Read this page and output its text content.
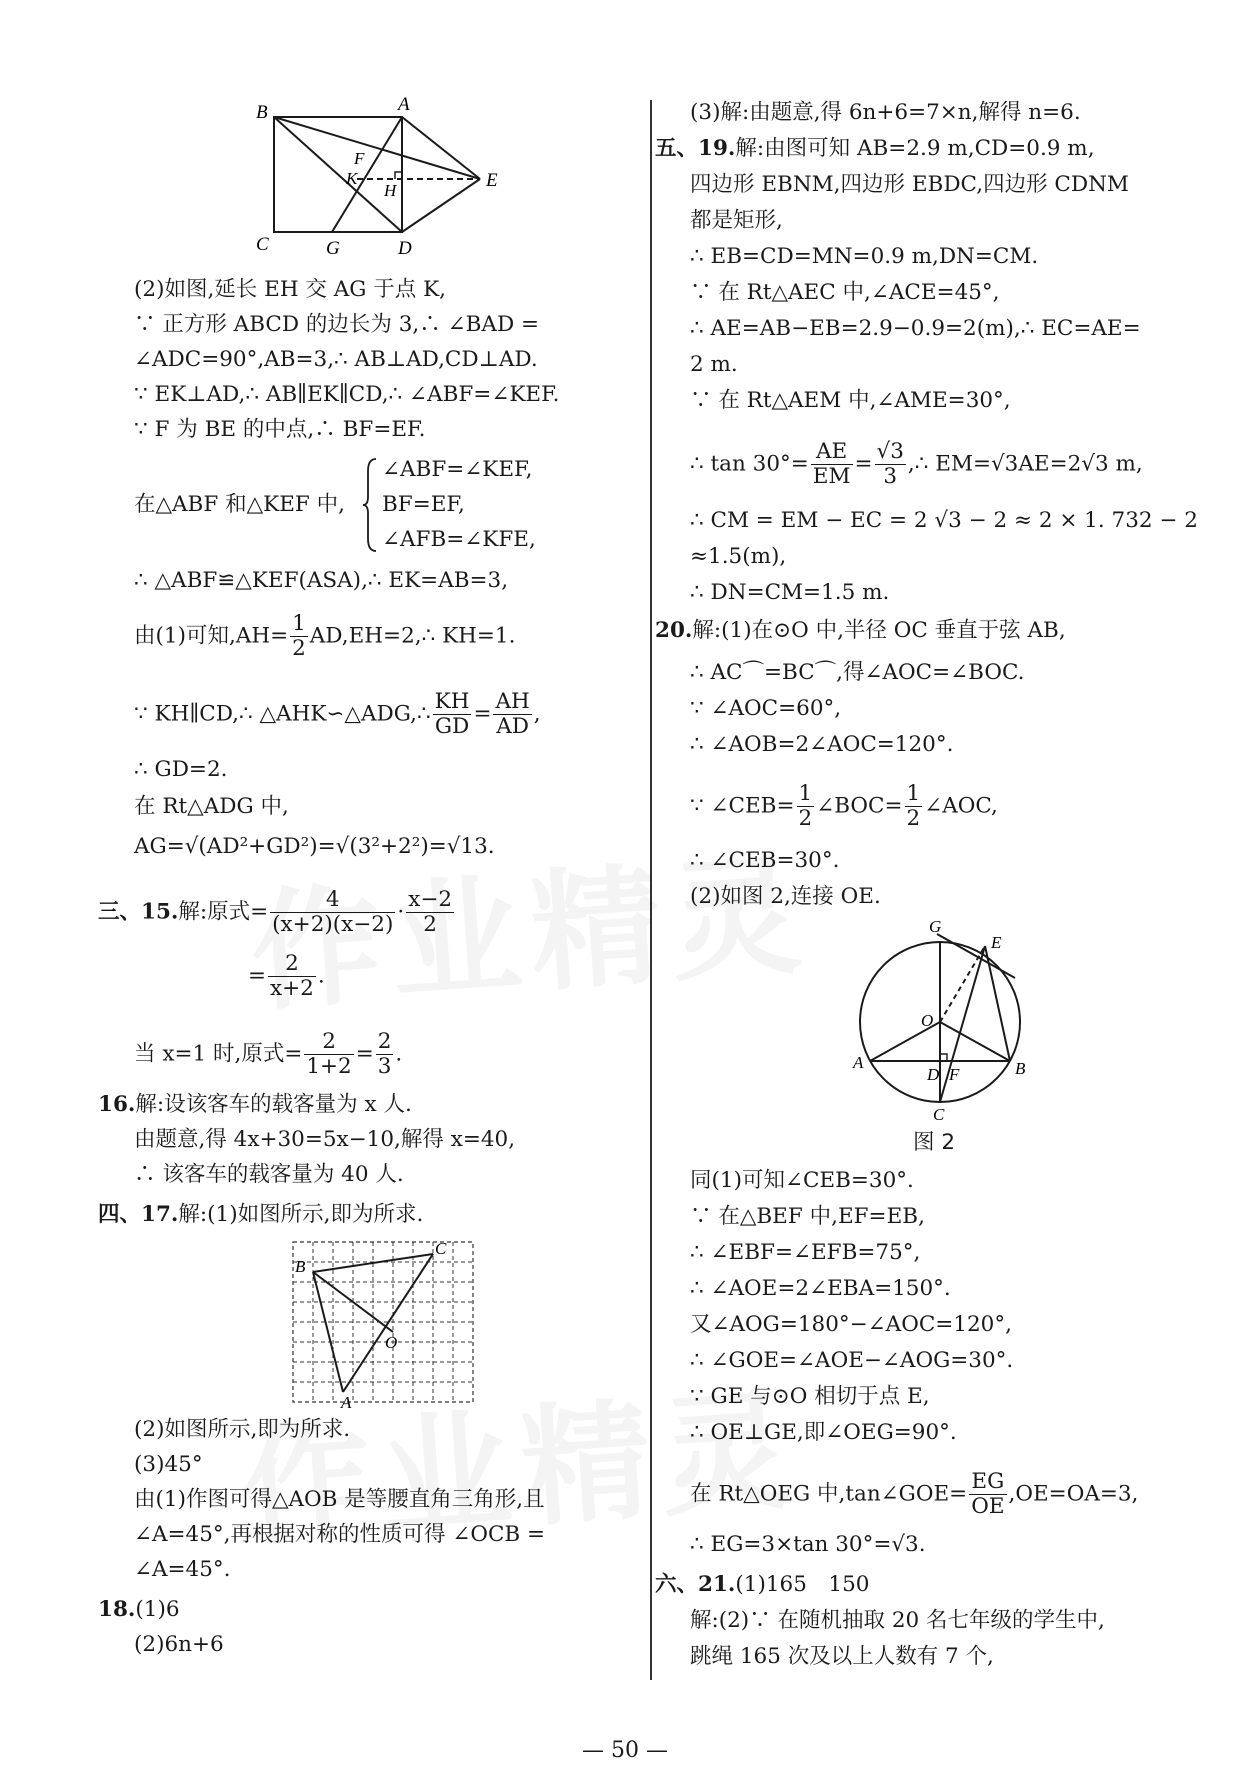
B	A
C	D
E
F
G
H
K
(2)如图,延长 EH 交 AG 于点 K,
∵ 正方形 ABCD 的边长为 3,∴ ∠BAD =
∠ADC=90°,AB=3,∴ AB⊥AD,CD⊥AD.
∵ EK⊥AD,∴ AB∥EK∥CD,∴ ∠ABF=∠KEF.
∵ F 为 BE 的中点,∴ BF=EF.
在△ABF 和△KEF 中,
∠ABF=∠KEF,
BF=EF,
∠AFB=∠KFE,
∴ △ABF≌△KEF(ASA),∴ EK=AB=3,
由(1)可知$,AH= \frac{1}{2}$ AD,EH=2,∴ KH=1.
∵ KH∥CD,∴ △AHK∽△ADG,∴ $\frac{KH}{GD} = \frac{AH}{AD}$ ,
∴ GD=2.
在 Rt△ADG 中,
AG=√(AD²+GD²)=√(3²+2²)=√13.
三、15.解:原式= $\frac{4}{(x+2)(x-2)} \cdot \frac{x-2}{2}$
= $\frac{2}{x+2}$ .
当 x=1 时,原式= $\frac{2}{1+2} = \frac{2}{3}$ .
16.解:设该客车的载客量为 x 人.
由题意,得 4x+30=5x−10,解得 x=40,
∴ 该客车的载客量为 40 人.
四、17.解:(1)如图所示,即为所求.
A
B
C
O
(2)如图所示,即为所求.
(3)45°
由(1)作图可得△AOB 是等腰直角三角形,且
∠A=45°,再根据对称的性质可得 ∠OCB =
∠A=45°.
18.(1)6
(2)6n+6
(3)解:由题意,得 6n+6=7×n,解得 n=6.
五、19.解:由图可知 AB=2.9 m,CD=0.9 m,
四边形 EBNM,四边形 EBDC,四边形 CDNM
都是矩形,
∴ EB=CD=MN=0.9 m,DN=CM.
∵ 在 Rt△AEC 中,∠ACE=45°,
∴ AE=AB−EB=2.9−0.9=2(m),∴ EC=AE=
2 m.
∵ 在 Rt△AEM 中,∠AME=30°,
∴ $\tan 30^\circ= \frac{AE}{EM} = \frac{√3}{3}$ ,∴ EM=√3AE=2√3 m,
∴ CM = EM − EC = 2 √3 − 2 ≈ 2 × 1. 732 − 2
≈1.5(m),
∴ DN=CM=1.5 m.
20.解:(1)在⊙O 中,半径 OC 垂直于弦 AB,
∴ AC⌒=BC⌒,得∠AOC=∠BOC.
∵ ∠AOC=60°,
∴ ∠AOB=2∠AOC=120°.
∵ ∠CEB= $\frac{1}{2}$ ∠BOC= $\frac{1}{2}$ ∠AOC,
∴ ∠CEB=30°.
(2)如图 2,连接 OE.
G
E
O
A	B
D F
C
图 2
同(1)可知∠CEB=30°.
∵ 在△BEF 中,EF=EB,
∴ ∠EBF=∠EFB=75°,
∴ ∠AOE=2∠EBA=150°.
又∠AOG=180°−∠AOC=120°,
∴ ∠GOE=∠AOE−∠AOG=30°.
∵ GE 与⊙O 相切于点 E,
∴ OE⊥GE,即∠OEG=90°.
在 Rt△OEG 中,tan∠GOE= $\frac{EG}{OE} ,OE=OA=3$,
∴ EG=3×tan 30°=√3.
六、21.(1)165　150
解:(2)∵ 在随机抽取 20 名七年级的学生中,
跳绳 165 次及以上人数有 7 个,
— 50 —
